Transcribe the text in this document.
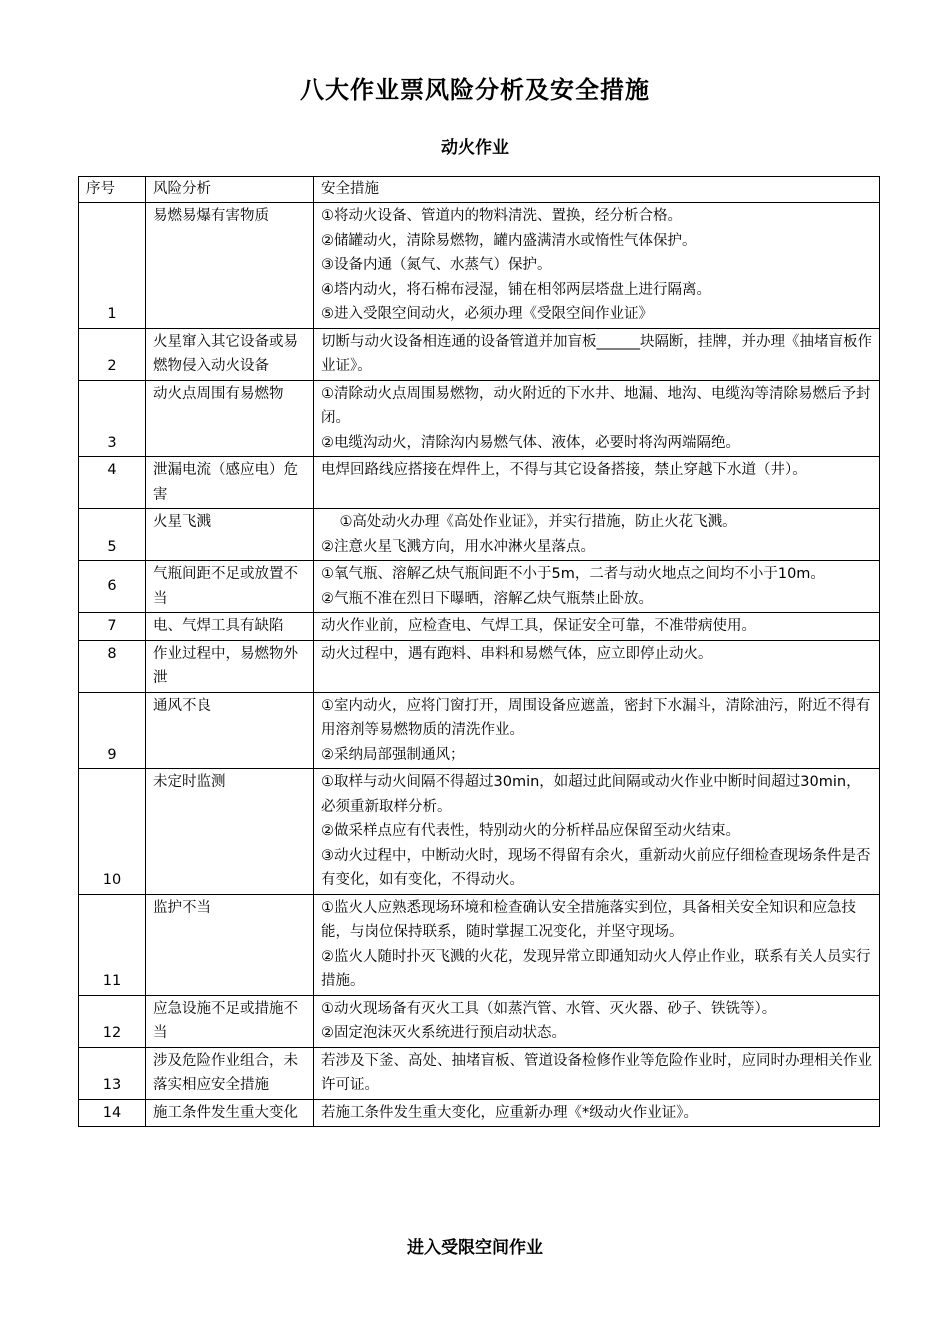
八大作业票风险分析及安全措施
动火作业
序号	风险分析	安全措施
1	易燃易爆有害物质	①将动火设备、管道内的物料清洗、置换，经分析合格。
②储罐动火，清除易燃物，罐内盛满清水或惰性气体保护。
③设备内通（氮气、水蒸气）保护。
④塔内动火，将石棉布浸湿，铺在相邻两层塔盘上进行隔离。
⑤进入受限空间动火，必须办理《受限空间作业证》

2	火星窜入其它设备或易燃物侵入动火设备	切断与动火设备相连通的设备管道并加盲板______块隔断，挂牌，并办理《抽堵盲板作业证》。

3	动火点周围有易燃物	①清除动火点周围易燃物，动火附近的下水井、地漏、地沟、电缆沟等清除易燃后予封闭。
②电缆沟动火，清除沟内易燃气体、液体，必要时将沟两端隔绝。

4	泄漏电流（感应电）危害	电焊回路线应搭接在焊件上，不得与其它设备搭接，禁止穿越下水道（井）。

5	火星飞溅	①高处动火办理《高处作业证》，并实行措施，防止火花飞溅。
②注意火星飞溅方向，用水冲淋火星落点。

6	气瓶间距不足或放置不当	①氧气瓶、溶解乙炔气瓶间距不小于5m，二者与动火地点之间均不小于10m。
②气瓶不准在烈日下曝晒，溶解乙炔气瓶禁止卧放。

7	电、气焊工具有缺陷	动火作业前，应检查电、气焊工具，保证安全可靠，不准带病使用。

8	作业过程中，易燃物外泄	动火过程中，遇有跑料、串料和易燃气体，应立即停止动火。

9	通风不良	①室内动火，应将门窗打开，周围设备应遮盖，密封下水漏斗，清除油污，附近不得有用溶剂等易燃物质的清洗作业。
②采纳局部强制通风；

10	未定时监测	①取样与动火间隔不得超过30min，如超过此间隔或动火作业中断时间超过30min，必须重新取样分析。
②做采样点应有代表性，特别动火的分析样品应保留至动火结束。
③动火过程中，中断动火时，现场不得留有余火，重新动火前应仔细检查现场条件是否有变化，如有变化，不得动火。

11	监护不当	①监火人应熟悉现场环境和检查确认安全措施落实到位，具备相关安全知识和应急技能，与岗位保持联系，随时掌握工况变化，并坚守现场。
②监火人随时扑灭飞溅的火花，发现异常立即通知动火人停止作业，联系有关人员实行措施。

12	应急设施不足或措施不当	①动火现场备有灭火工具（如蒸汽管、水管、灭火器、砂子、铁铣等）。
②固定泡沫灭火系统进行预启动状态。

13	涉及危险作业组合，未落实相应安全措施	若涉及下釜、高处、抽堵盲板、管道设备检修作业等危险作业时，应同时办理相关作业许可证。

14	施工条件发生重大变化	若施工条件发生重大变化，应重新办理《*级动火作业证》。
进入受限空间作业
